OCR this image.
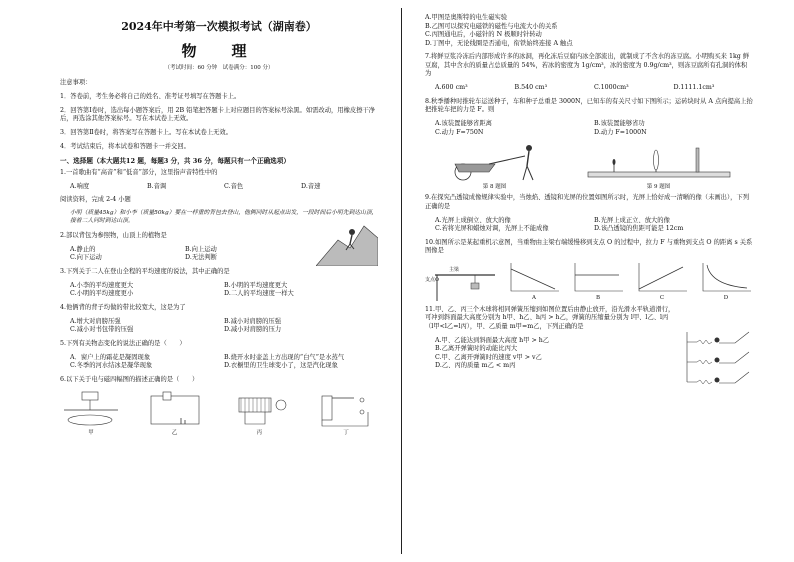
2024年中考第一次模拟考试（湖南卷）
物　理
（考试时间：60 分钟　试卷满分：100 分）

注意事项：

1．答卷前，考生务必将自己的姓名、准考证号填写在答题卡上。

2．回答第Ⅰ卷时，选出每小题答案后，用 2B 铅笔把答题卡上对应题目的答案标号涂黑。如需改动，用橡皮擦干净后，再选涂其他答案标号。写在本试卷上无效。

3．回答第Ⅱ卷时，将答案写在答题卡上。写在本试卷上无效。

4．考试结束后，将本试卷和答题卡一并交回。

一、选择题（本大题共12 题，每题3 分，共 36 分，每题只有一个正确选项）

1.一首歌曲有“高音”和“低音”部分，这里指声音特性中的

A.响度	B.音调	C.音色	D.音速

阅读资料，完成 2-4 小题

小明（质量45kg）和小李（质量50kg）要在一样重的背包去登山，他俩同时从起点出发，一段时间后小明先到达山顶，接着二人同时到达山顶。

2.部以背包为参照物，山顶上的植物是

A.静止的	B.向上运动
C.向下运动	D.无法判断

3.下列关于二人在登山全程的平均速度的说法，其中正确的是

A.小李的平均速度更大	B.小明的平均速度更大
C.小明的平均速度更小	D.二人的平均速度一样大

4.他俩背的背子均做的带比较宽大，这是为了

A.增大对肩膀压强	B.减小对肩膀的压强
C.减小对书包带的压强	D.减小对肩膀的压力

5.下列有关物态变化的说法正确的是（　　）

A．窗户上的霜花是凝固现象	B.烧开水时壶盖上方出现的“白气”是水蒸气
C.冬季的河水结冰是凝华现象	D.衣橱里的卫生球变小了，这是汽化现象

6.以下关于电与磁四幅图的描述正确的是（　　）

甲	乙	丙	丁
A.甲图是奥斯特的电生磁实验
B.乙图可以探究电磁铁的磁性与电流大小的关系
C.丙图通电后，小磁针的 N 极顺时针转动
D.丁图中，无论线圈是否通电，衔铁始终连接 A 触点

7.将鲜豆浆冷冻后内部形成许多的冰洞，再化冻后豆腐内冰全部流出，就制成了不含水的冻豆腐。小明购买来 1kg 鲜豆腐，其中含水的质量占总质量的 54%，若冰的密度为 1g/cm³，冰的密度为 0.9g/cm³，则冻豆腐所有孔洞的体积为

A.600 cm³	B.540 cm³	C.1000cm³	D.1111.1cm³

8.秋季播种时推轮车运送种子，车和种子总重是 3000N，已知车的有关尺寸如下图所示；运砖块时从 A 点向提高上抬把推轮车把的力是 F。则

A.该装置能够省距离	B.该装置能够省功
C.动力 F=750N	D.动力 F=1000N
第 8 题图	第 9 题图

9.在探究凸透镜成像规律实验中，当烛焰、透镜和光屏的位置如图所示时，光屏上恰好成一清晰的像（未画出），下列正确的是

A.光屏上成倒立、放大的像	B.光屏上成正立、放大的像
C.若将光屏和蜡烛对调，光屏上不能成像	D.该凸透镜的焦距可能是 12cm

10.如图所示是某起重机示意图，当重物由主梁右端缓慢移到支点 O 的过程中，拉力 F 与重物到支点 O 的距离 s 关系图像是

支点O
主梁
A	B	C	D

11.甲、乙、丙三个木球将相同弹簧压缩到如图位置后由静止放开，沿光滑水平轨道滑行，可冲到斜面最大高度分别为 h甲、h乙、h丙 > h乙，弹簧的压缩量分别为 l甲、l乙、l丙（l甲<l乙=l丙），甲、乙质量 m甲=m乙，下列正确的是

A.甲、乙能达到斜面最大高度 h甲 > h乙
B.乙离开弹簧时的动能比丙大
C.甲、乙离开弹簧时的速度 v甲 > v乙
D.乙、丙的质量 m乙 < m丙
